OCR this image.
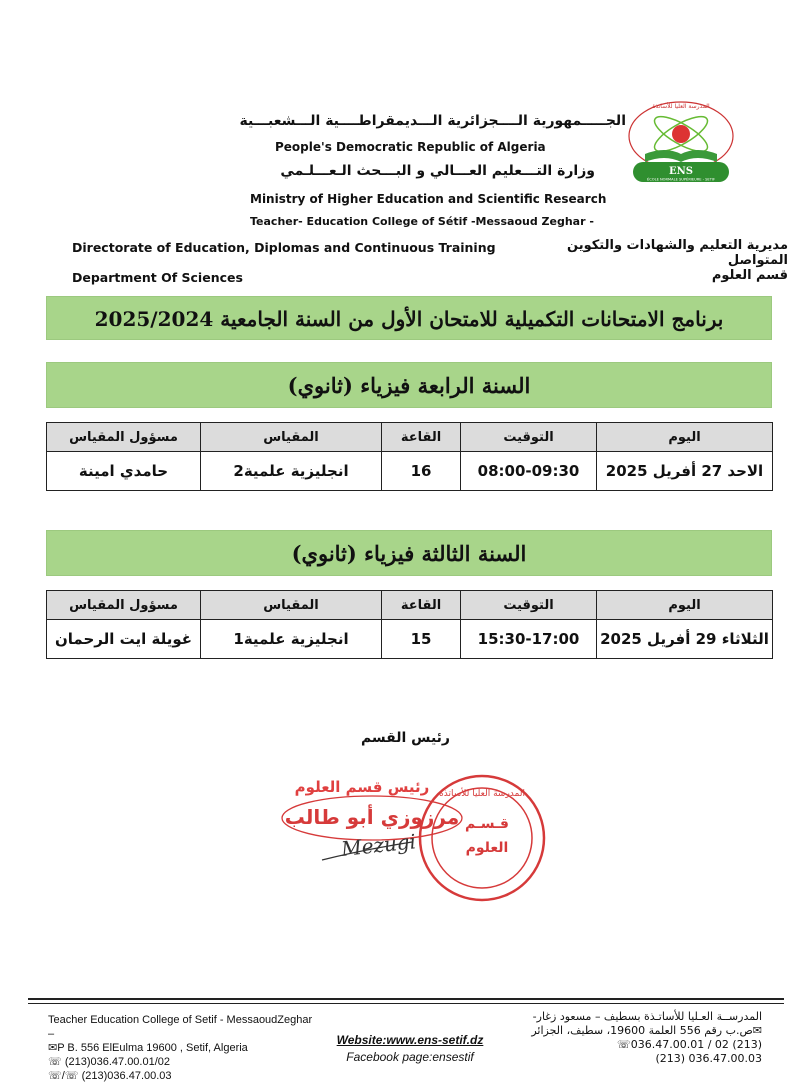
المدرسة العليا للأساتذة
ENS
ÉCOLE NORMALE SUPÉRIEURE - SETIF
الجـــــمهورية الــــجزائرية الـــديمقراطــــية الـــشعبـــية
People's Democratic Republic of Algeria
وزارة التـــعليم العـــالي و البـــحث الـعـــلـمي
Ministry of Higher Education and Scientific Research
Teacher- Education College of Sétif -Messaoud Zeghar -
Directorate of Education, Diplomas and Continuous Training	مديرية التعليم والشهادات والتكوين المتواصل
Department Of Sciences	قسم العلوم
برنامج الامتحانات التكميلية للامتحان الأول من السنة الجامعية 2025/2024
السنة الرابعة فيزياء (ثانوي)
اليوم	التوقيت	القاعة	المقياس	مسؤول المقياس
الاحد 27 أفريل 2025	08:00-09:30	16	انجليزية علمية2	حامدي امينة
السنة الثالثة فيزياء (ثانوي)
اليوم	التوقيت	القاعة	المقياس	مسؤول المقياس
الثلاثاء 29 أفريل 2025	15:30-17:00	15	انجليزية علمية1	غويلة ايت الرحمان
رئيس القسم
المدرسة العليا للأساتذة
قـسـم
العلوم
رئيس قسم العلوم
مرزوزي أبو طالب
Mezugi
Teacher Education College of Setif - MessaoudZeghar –
✉P B. 556 ElEulma 19600 , Setif, Algeria
☏ (213)036.47.00.01/02
☏/☏ (213)036.47.00.03
Website:www.ens-setif.dz
Facebook page:ensestif
المدرســة العـليا للأساتـذة بسطيف – مسعود زغار-
✉ص.ب رقم 556 العلمة 19600، سطيف، الجزائر
☏036.47.00.01 / 02 (213)
(213) 036.47.00.03
